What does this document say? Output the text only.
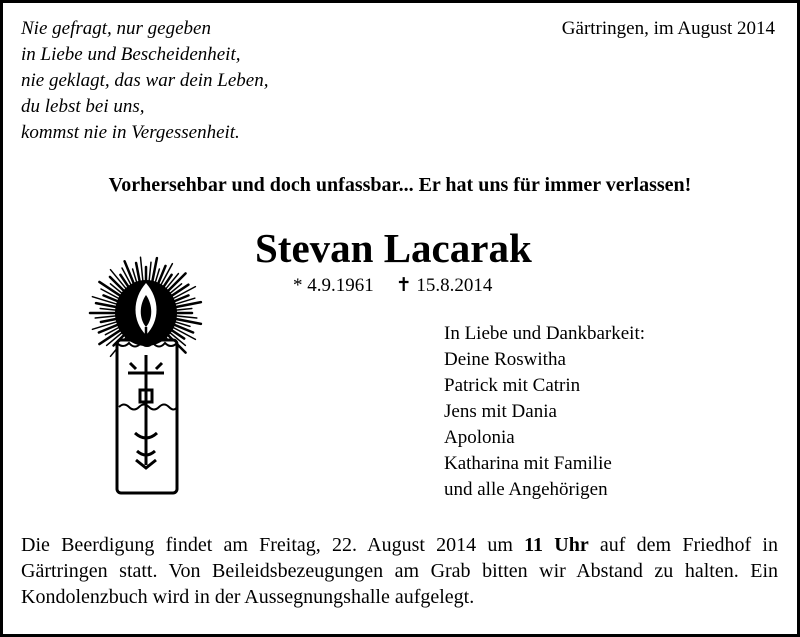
Nie gefragt, nur gegeben
in Liebe und Bescheidenheit,
nie geklagt, das war dein Leben,
du lebst bei uns,
kommst nie in Vergessenheit.
Gärtringen, im August 2014
Vorhersehbar und doch unfassbar... Er hat uns für immer verlassen!
Stevan Lacarak
* 4.9.1961 ✝ 15.8.2014
In Liebe und Dankbarkeit:
Deine Roswitha
Patrick mit Catrin
Jens mit Dania
Apolonia
Katharina mit Familie
und alle Angehörigen
Die Beerdigung findet am Freitag, 22. August 2014 um 11 Uhr auf dem Friedhof in Gärtringen statt. Von Beileidsbezeugungen am Grab bitten wir Abstand zu halten. Ein Kondolenzbuch wird in der Aussegnungshalle aufgelegt.
